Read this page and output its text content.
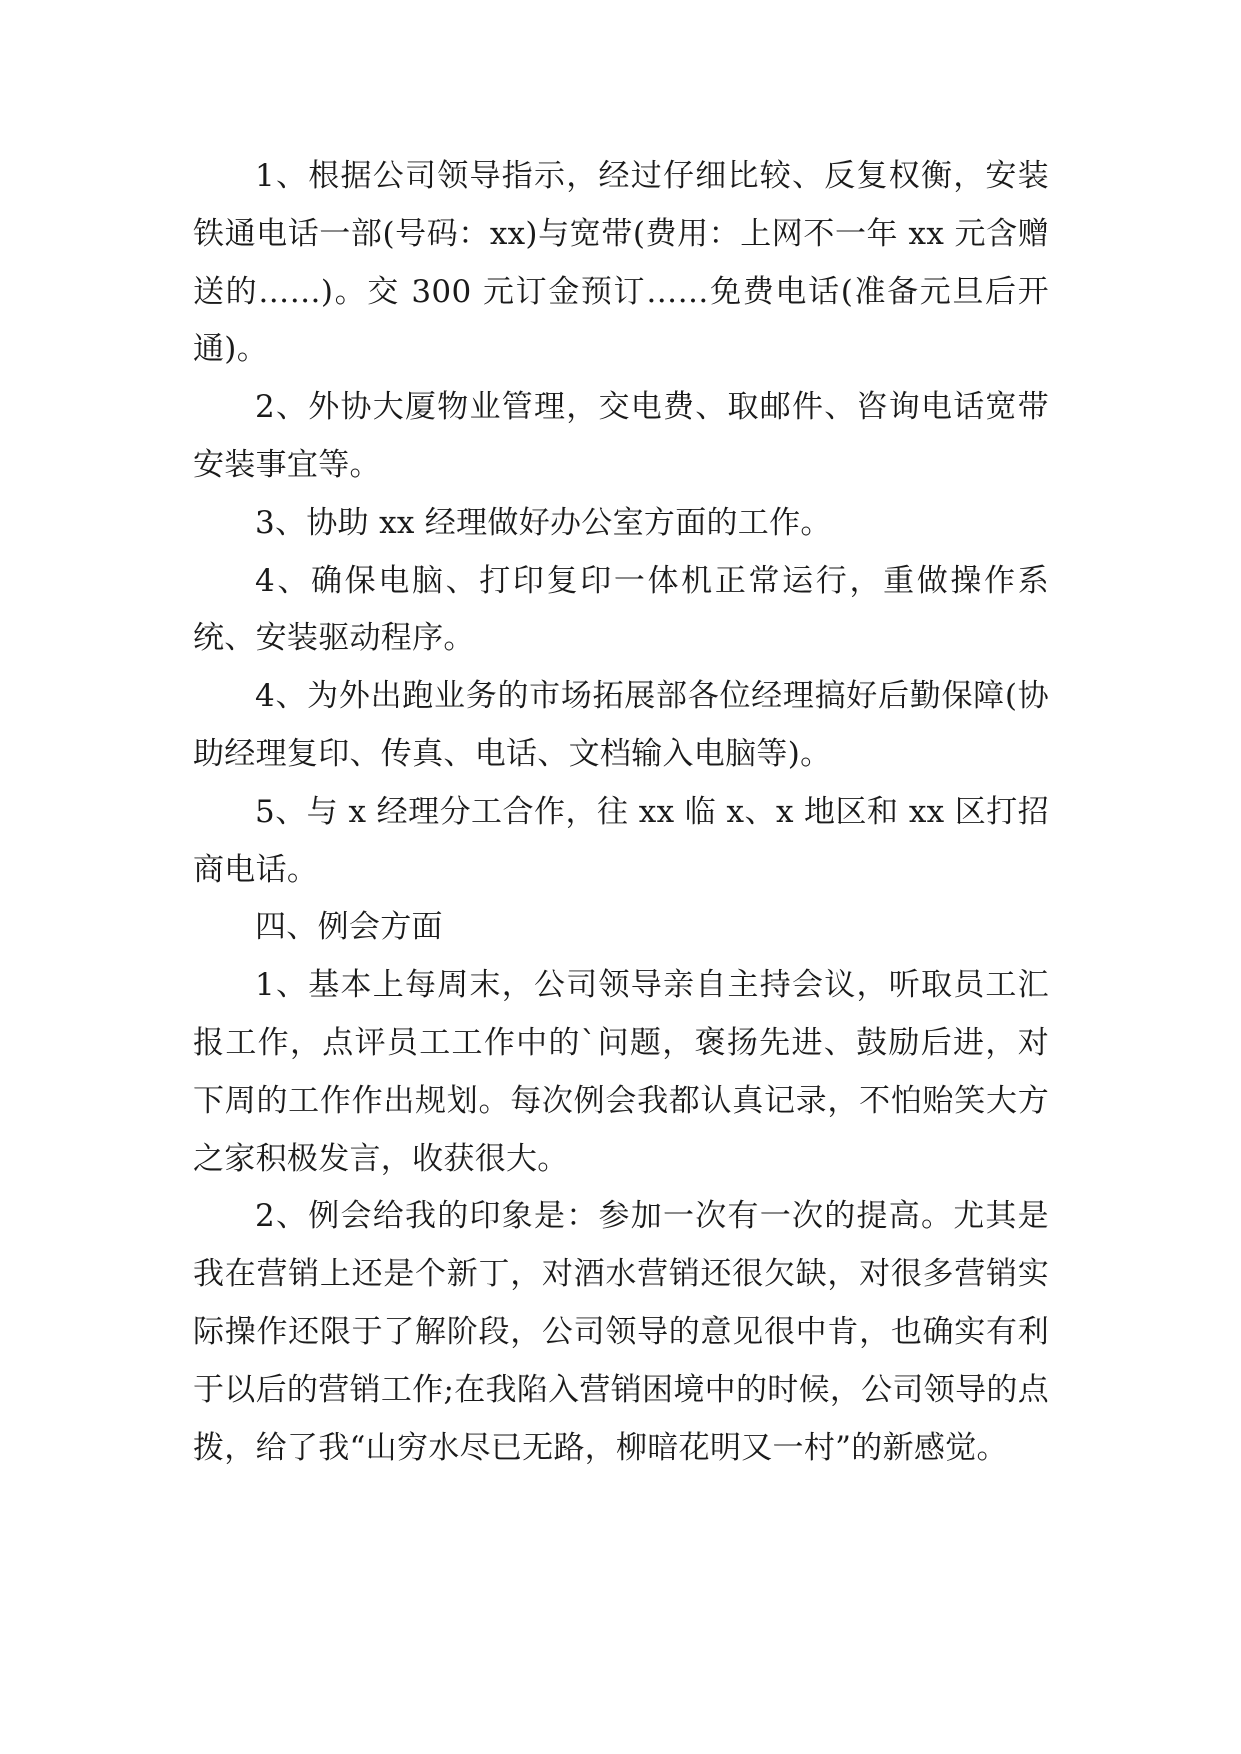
1、根据公司领导指示，经过仔细比较、反复权衡，安装铁通电话一部(号码：xx)与宽带(费用：上网不一年 xx 元含赠送的……)。交 300 元订金预订……免费电话(准备元旦后开通)。

2、外协大厦物业管理，交电费、取邮件、咨询电话宽带安装事宜等。

3、协助 xx 经理做好办公室方面的工作。

4、确保电脑、打印复印一体机正常运行，重做操作系统、安装驱动程序。

4、为外出跑业务的市场拓展部各位经理搞好后勤保障(协助经理复印、传真、电话、文档输入电脑等)。

5、与 x 经理分工合作，往 xx 临 x、x 地区和 xx 区打招商电话。

四、例会方面

1、基本上每周末，公司领导亲自主持会议，听取员工汇报工作，点评员工工作中的`问题，褒扬先进、鼓励后进，对下周的工作作出规划。每次例会我都认真记录，不怕贻笑大方之家积极发言，收获很大。

2、例会给我的印象是：参加一次有一次的提高。尤其是我在营销上还是个新丁，对酒水营销还很欠缺，对很多营销实际操作还限于了解阶段，公司领导的意见很中肯，也确实有利于以后的营销工作;在我陷入营销困境中的时候，公司领导的点拨，给了我“山穷水尽已无路，柳暗花明又一村”的新感觉。
